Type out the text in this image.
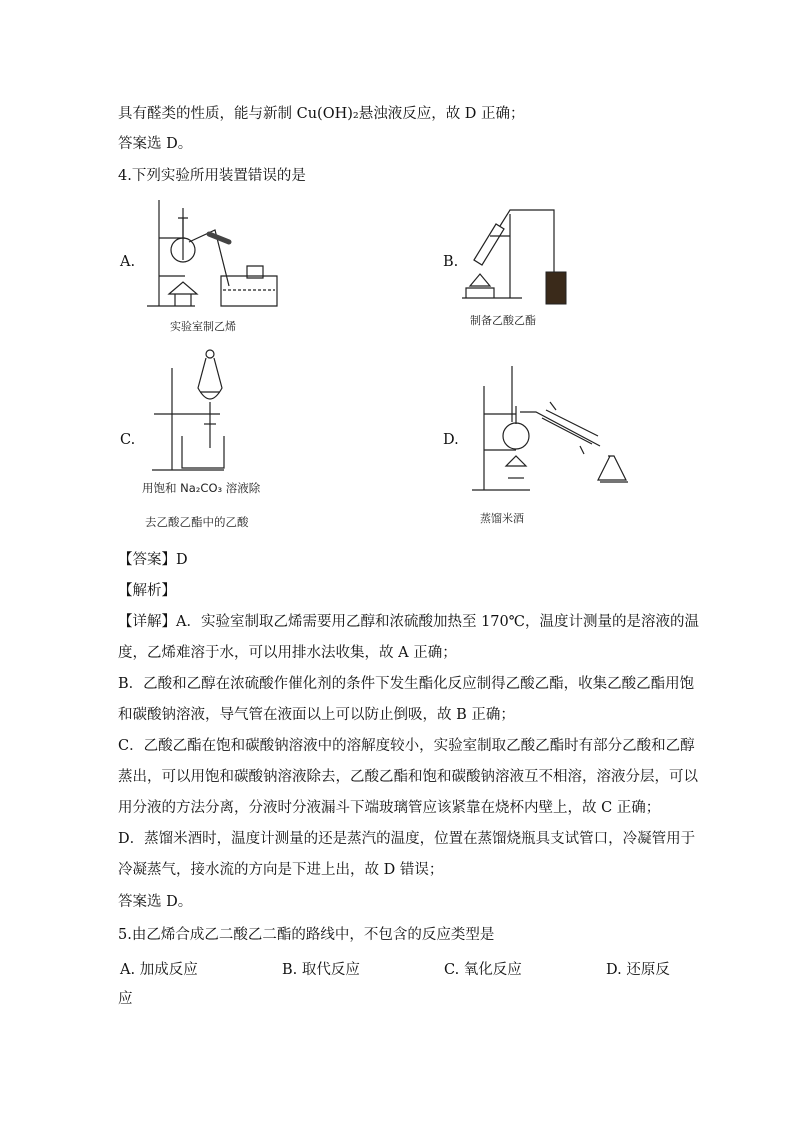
具有醛类的性质，能与新制 Cu(OH)₂悬浊液反应，故 D 正确；
答案选 D。
4.下列实验所用装置错误的是
A.
实验室制乙烯
B.
制备乙酸乙酯
C.
用饱和 Na₂CO₃ 溶液除
去乙酸乙酯中的乙酸
D.
蒸馏米酒
【答案】D
【解析】
【详解】A．实验室制取乙烯需要用乙醇和浓硫酸加热至 170℃，温度计测量的是溶液的温
度，乙烯难溶于水，可以用排水法收集，故 A 正确；
B．乙酸和乙醇在浓硫酸作催化剂的条件下发生酯化反应制得乙酸乙酯，收集乙酸乙酯用饱
和碳酸钠溶液，导气管在液面以上可以防止倒吸，故 B 正确；
C．乙酸乙酯在饱和碳酸钠溶液中的溶解度较小，实验室制取乙酸乙酯时有部分乙酸和乙醇
蒸出，可以用饱和碳酸钠溶液除去，乙酸乙酯和饱和碳酸钠溶液互不相溶，溶液分层，可以
用分液的方法分离，分液时分液漏斗下端玻璃管应该紧靠在烧杯内壁上，故 C 正确；
D．蒸馏米酒时，温度计测量的还是蒸汽的温度，位置在蒸馏烧瓶具支试管口，冷凝管用于
冷凝蒸气，接水流的方向是下进上出，故 D 错误；
答案选 D。
5.由乙烯合成乙二酸乙二酯的路线中，不包含的反应类型是
A. 加成反应	B. 取代反应	C. 氧化反应	D. 还原反
应
